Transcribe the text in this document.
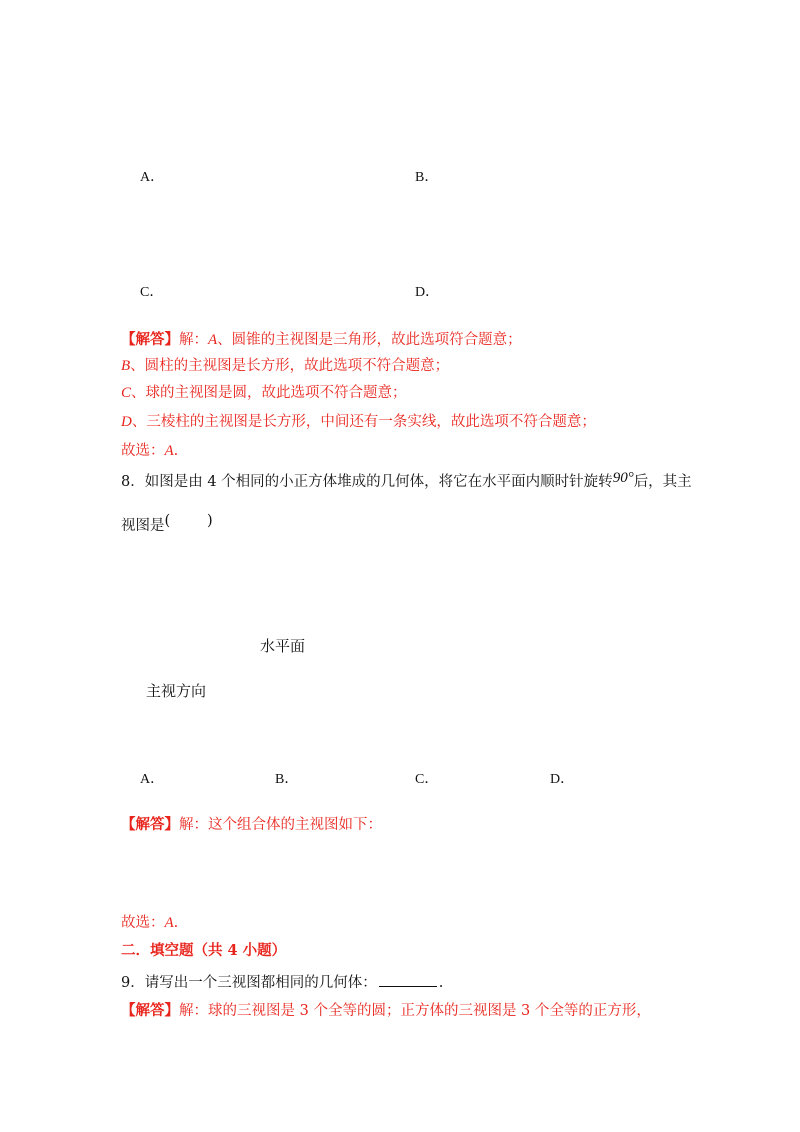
A．	B．
C．	D．
【解答】解：A、圆锥的主视图是三角形，故此选项符合题意；
B、圆柱的主视图是长方形，故此选项不符合题意；
C、球的主视图是圆，故此选项不符合题意；
D、三棱柱的主视图是长方形，中间还有一条实线，故此选项不符合题意；
故选：A.
8．如图是由 4 个相同的小正方体堆成的几何体，将它在水平面内顺时针旋转90°后，其主
视图是(        )
水平面
主视方向
A．	B．	C．	D．
【解答】解：这个组合体的主视图如下：
故选：A.
二．填空题（共 4 小题）
9．请写出一个三视图都相同的几何体：	.
【解答】解：球的三视图是 3 个全等的圆；正方体的三视图是 3 个全等的正方形，
